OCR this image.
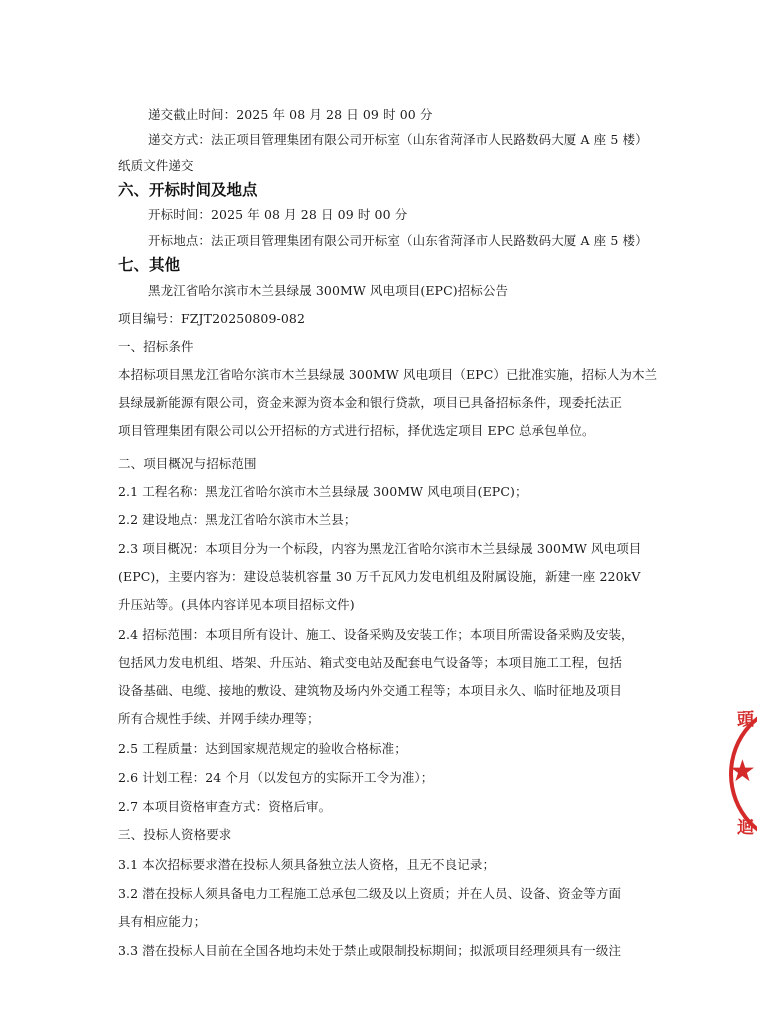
递交截止时间：2025 年 08 月 28 日 09 时 00 分
递交方式：法正项目管理集团有限公司开标室（山东省菏泽市人民路数码大厦 A 座 5 楼）
纸质文件递交
六、开标时间及地点
开标时间：2025 年 08 月 28 日 09 时 00 分
开标地点：法正项目管理集团有限公司开标室（山东省菏泽市人民路数码大厦 A 座 5 楼）
七、其他
黑龙江省哈尔滨市木兰县绿晟 300MW 风电项目(EPC)招标公告
项目编号：FZJT20250809-082
一、招标条件
本招标项目黑龙江省哈尔滨市木兰县绿晟 300MW 风电项目（EPC）已批准实施，招标人为木兰
县绿晟新能源有限公司，资金来源为资本金和银行贷款，项目已具备招标条件，现委托法正
项目管理集团有限公司以公开招标的方式进行招标，择优选定项目 EPC 总承包单位。
二、项目概况与招标范围
2.1 工程名称：黑龙江省哈尔滨市木兰县绿晟 300MW 风电项目(EPC)；
2.2 建设地点：黑龙江省哈尔滨市木兰县；
2.3 项目概况：本项目分为一个标段，内容为黑龙江省哈尔滨市木兰县绿晟 300MW 风电项目
(EPC)，主要内容为：建设总装机容量 30 万千瓦风力发电机组及附属设施，新建一座 220kV
升压站等。(具体内容详见本项目招标文件)
2.4 招标范围：本项目所有设计、施工、设备采购及安装工作；本项目所需设备采购及安装，
包括风力发电机组、塔架、升压站、箱式变电站及配套电气设备等；本项目施工工程，包括
设备基础、电缆、接地的敷设、建筑物及场内外交通工程等；本项目永久、临时征地及项目
所有合规性手续、并网手续办理等；
2.5 工程质量：达到国家规范规定的验收合格标准；
2.6 计划工程：24 个月（以发包方的实际开工令为准）；
2.7 本项目资格审查方式：资格后审。
三、投标人资格要求
3.1 本次招标要求潜在投标人须具备独立法人资格，且无不良记录；
3.2 潜在投标人须具备电力工程施工总承包二级及以上资质；并在人员、设备、资金等方面
具有相应能力；
3.3 潜在投标人目前在全国各地均未处于禁止或限制投标期间；拟派项目经理须具有一级注
頭
★
迴
